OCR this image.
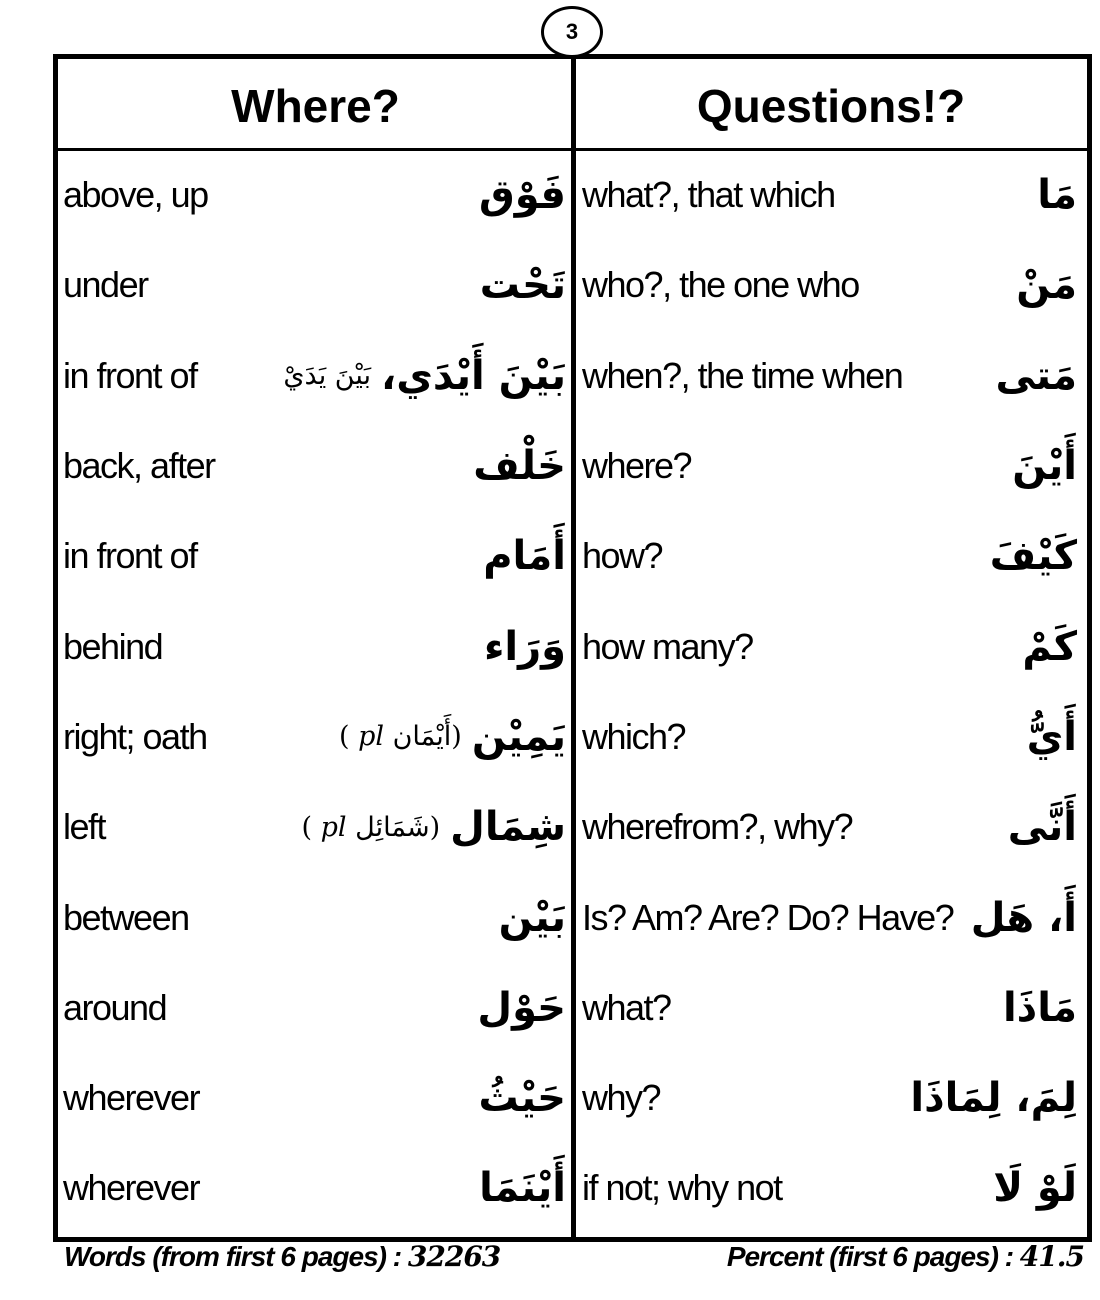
3
Where?	Questions!?
above, up	فَوْق
under	تَحْت
in front of	بَيْنَ يَدَيْ بَيْنَ أَيْدَي،
back, after	خَلْف
in front of	أَمَام
behind	وَرَاء
right; oath	( pl أَيْمَان) يَمِيْن
left	( pl شَمَائِل) شِمَال
between	بَيْن
around	حَوْل
wherever	حَيْثُ
wherever	أَيْنَمَا
what?, that which	مَا
who?, the one who	مَنْ
when?, the time when مَتى
where?	أَيْنَ
how?	كَيْفَ
how many?	كَمْ
which?	أَيُّ
wherefrom?, why?	أَنَّى
Is? Am? Are? Do? Have? أَ، هَل
what?	مَاذَا
why?	لِمَ، لِمَاذَا
if not; why not	لَوْ لَا
Words (from first 6 pages) : 32263	Percent (first 6 pages) : 41.5
